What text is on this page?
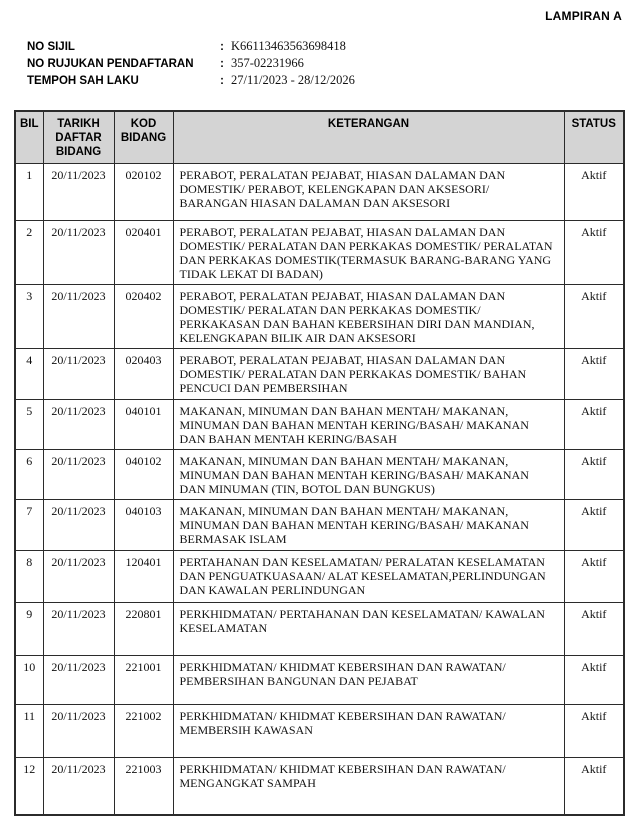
LAMPIRAN A
NO SIJIL	: K66113463563698418
NO RUJUKAN PENDAFTARAN	: 357-02231966
TEMPOH SAH LAKU	: 27/11/2023 - 28/12/2026
BIL	TARIKH DAFTAR BIDANG	KOD BIDANG	KETERANGAN	STATUS
1	20/11/2023	020102	PERABOT, PERALATAN PEJABAT, HIASAN DALAMAN DAN DOMESTIK/ PERABOT, KELENGKAPAN DAN AKSESORI/ BARANGAN HIASAN DALAMAN DAN AKSESORI	Aktif
2	20/11/2023	020401	PERABOT, PERALATAN PEJABAT, HIASAN DALAMAN DAN DOMESTIK/ PERALATAN DAN PERKAKAS DOMESTIK/ PERALATAN DAN PERKAKAS DOMESTIK(TERMASUK BARANG-BARANG YANG TIDAK LEKAT DI BADAN)	Aktif
3	20/11/2023	020402	PERABOT, PERALATAN PEJABAT, HIASAN DALAMAN DAN DOMESTIK/ PERALATAN DAN PERKAKAS DOMESTIK/ PERKAKASAN DAN BAHAN KEBERSIHAN DIRI DAN MANDIAN, KELENGKAPAN BILIK AIR DAN AKSESORI	Aktif
4	20/11/2023	020403	PERABOT, PERALATAN PEJABAT, HIASAN DALAMAN DAN DOMESTIK/ PERALATAN DAN PERKAKAS DOMESTIK/ BAHAN PENCUCI DAN PEMBERSIHAN	Aktif
5	20/11/2023	040101	MAKANAN, MINUMAN DAN BAHAN MENTAH/ MAKANAN, MINUMAN DAN BAHAN MENTAH KERING/BASAH/ MAKANAN DAN BAHAN MENTAH KERING/BASAH	Aktif
6	20/11/2023	040102	MAKANAN, MINUMAN DAN BAHAN MENTAH/ MAKANAN, MINUMAN DAN BAHAN MENTAH KERING/BASAH/ MAKANAN DAN MINUMAN (TIN, BOTOL DAN BUNGKUS)	Aktif
7	20/11/2023	040103	MAKANAN, MINUMAN DAN BAHAN MENTAH/ MAKANAN, MINUMAN DAN BAHAN MENTAH KERING/BASAH/ MAKANAN BERMASAK ISLAM	Aktif
8	20/11/2023	120401	PERTAHANAN DAN KESELAMATAN/ PERALATAN KESELAMATAN DAN PENGUATKUASAAN/ ALAT KESELAMATAN,PERLINDUNGAN DAN KAWALAN PERLINDUNGAN	Aktif
9	20/11/2023	220801	PERKHIDMATAN/ PERTAHANAN DAN KESELAMATAN/ KAWALAN KESELAMATAN	Aktif
10	20/11/2023	221001	PERKHIDMATAN/ KHIDMAT KEBERSIHAN DAN RAWATAN/ PEMBERSIHAN BANGUNAN DAN PEJABAT	Aktif
11	20/11/2023	221002	PERKHIDMATAN/ KHIDMAT KEBERSIHAN DAN RAWATAN/ MEMBERSIH KAWASAN	Aktif
12	20/11/2023	221003	PERKHIDMATAN/ KHIDMAT KEBERSIHAN DAN RAWATAN/ MENGANGKAT SAMPAH	Aktif
